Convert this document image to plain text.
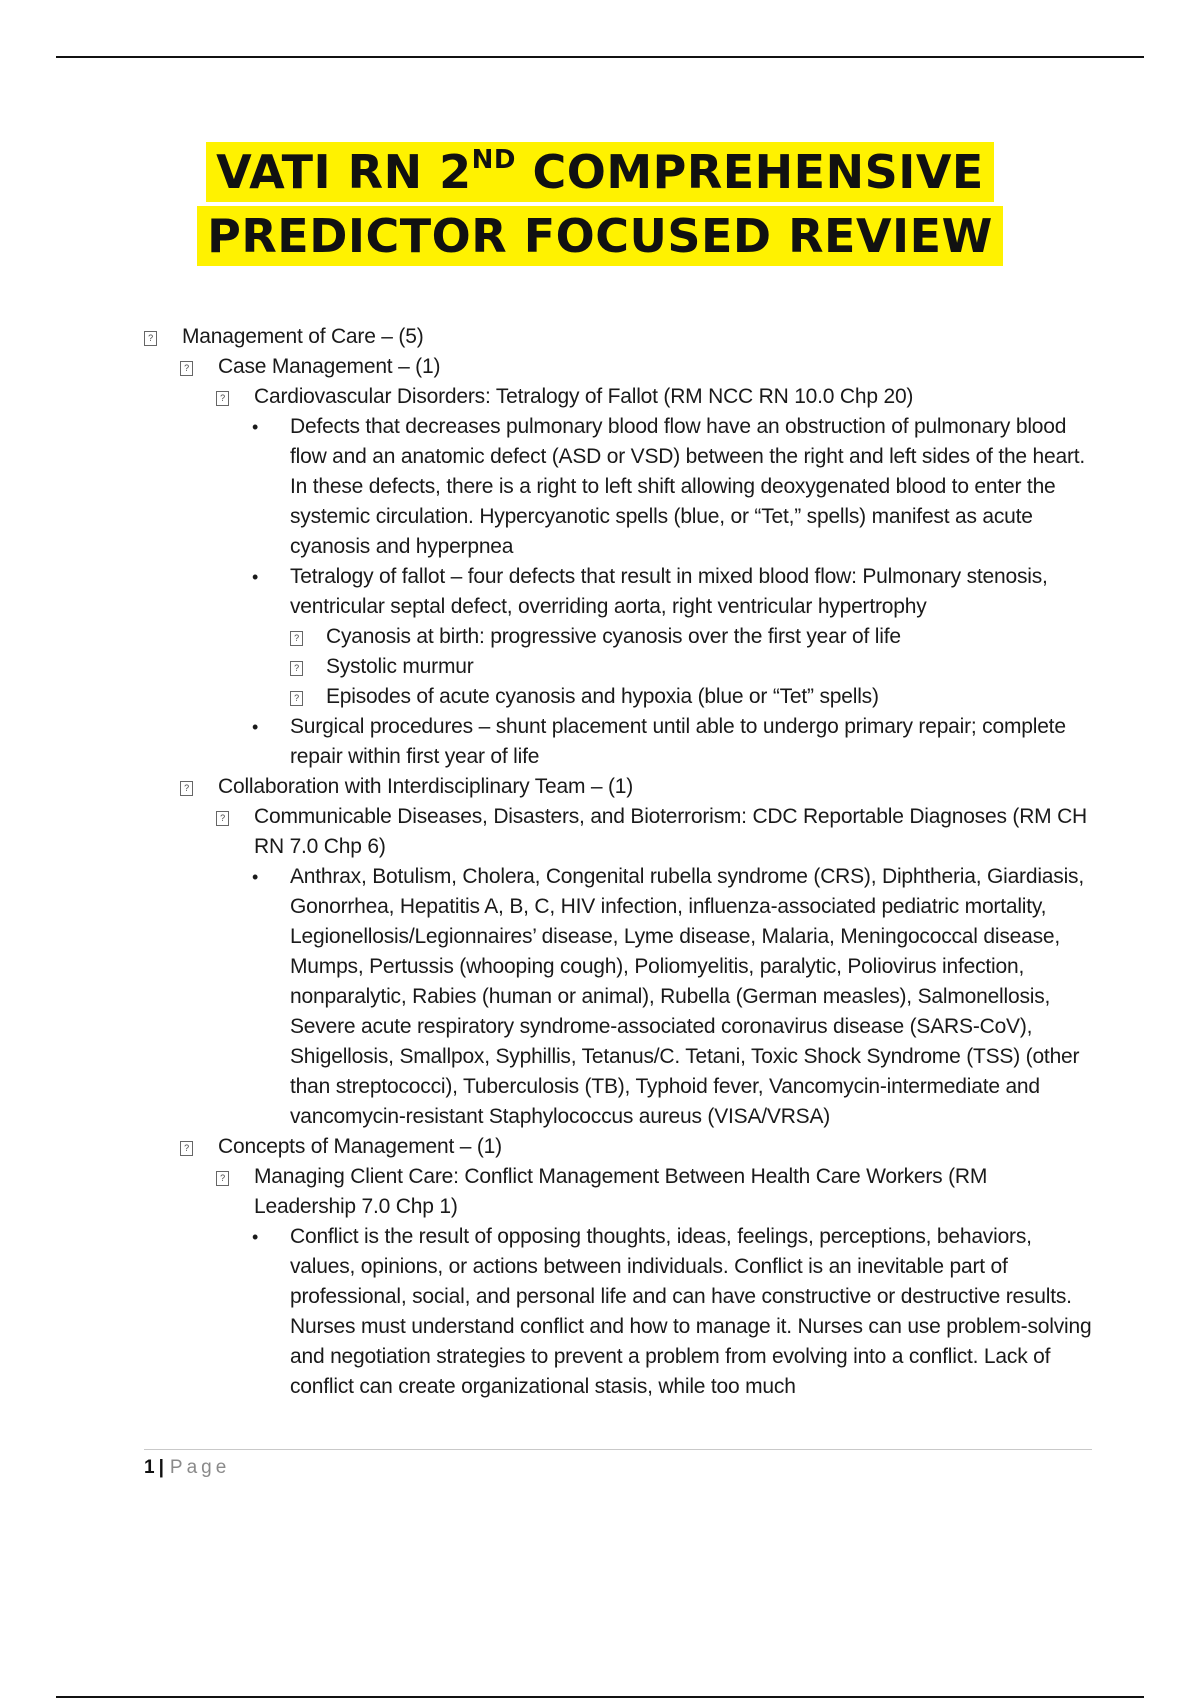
VATI RN 2ND COMPREHENSIVE
PREDICTOR FOCUSED REVIEW
? Management of Care – (5)
? Case Management – (1)
? Cardiovascular Disorders: Tetralogy of Fallot (RM NCC RN 10.0 Chp 20)
• Defects that decreases pulmonary blood flow have an obstruction of pulmonary blood flow and an anatomic defect (ASD or VSD) between the right and left sides of the heart. In these defects, there is a right to left shift allowing deoxygenated blood to enter the systemic circulation. Hypercyanotic spells (blue, or “Tet,” spells) manifest as acute cyanosis and hyperpnea
• Tetralogy of fallot – four defects that result in mixed blood flow: Pulmonary stenosis, ventricular septal defect, overriding aorta, right ventricular hypertrophy
? Cyanosis at birth: progressive cyanosis over the first year of life
? Systolic murmur
? Episodes of acute cyanosis and hypoxia (blue or “Tet” spells)
• Surgical procedures – shunt placement until able to undergo primary repair; complete repair within first year of life
? Collaboration with Interdisciplinary Team – (1)
? Communicable Diseases, Disasters, and Bioterrorism: CDC Reportable Diagnoses (RM CH RN 7.0 Chp 6)
• Anthrax, Botulism, Cholera, Congenital rubella syndrome (CRS), Diphtheria, Giardiasis, Gonorrhea, Hepatitis A, B, C, HIV infection, influenza-associated pediatric mortality, Legionellosis/Legionnaires’ disease, Lyme disease, Malaria, Meningococcal disease, Mumps, Pertussis (whooping cough), Poliomyelitis, paralytic, Poliovirus infection, nonparalytic, Rabies (human or animal), Rubella (German measles), Salmonellosis, Severe acute respiratory syndrome-associated coronavirus disease (SARS-CoV), Shigellosis, Smallpox, Syphillis, Tetanus/C. Tetani, Toxic Shock Syndrome (TSS) (other than streptococci), Tuberculosis (TB), Typhoid fever, Vancomycin-intermediate and vancomycin-resistant Staphylococcus aureus (VISA/VRSA)
? Concepts of Management – (1)
? Managing Client Care: Conflict Management Between Health Care Workers (RM Leadership 7.0 Chp 1)
• Conflict is the result of opposing thoughts, ideas, feelings, perceptions, behaviors, values, opinions, or actions between individuals. Conflict is an inevitable part of professional, social, and personal life and can have constructive or destructive results. Nurses must understand conflict and how to manage it. Nurses can use problem-solving and negotiation strategies to prevent a problem from evolving into a conflict. Lack of conflict can create organizational stasis, while too much
1 | Page
